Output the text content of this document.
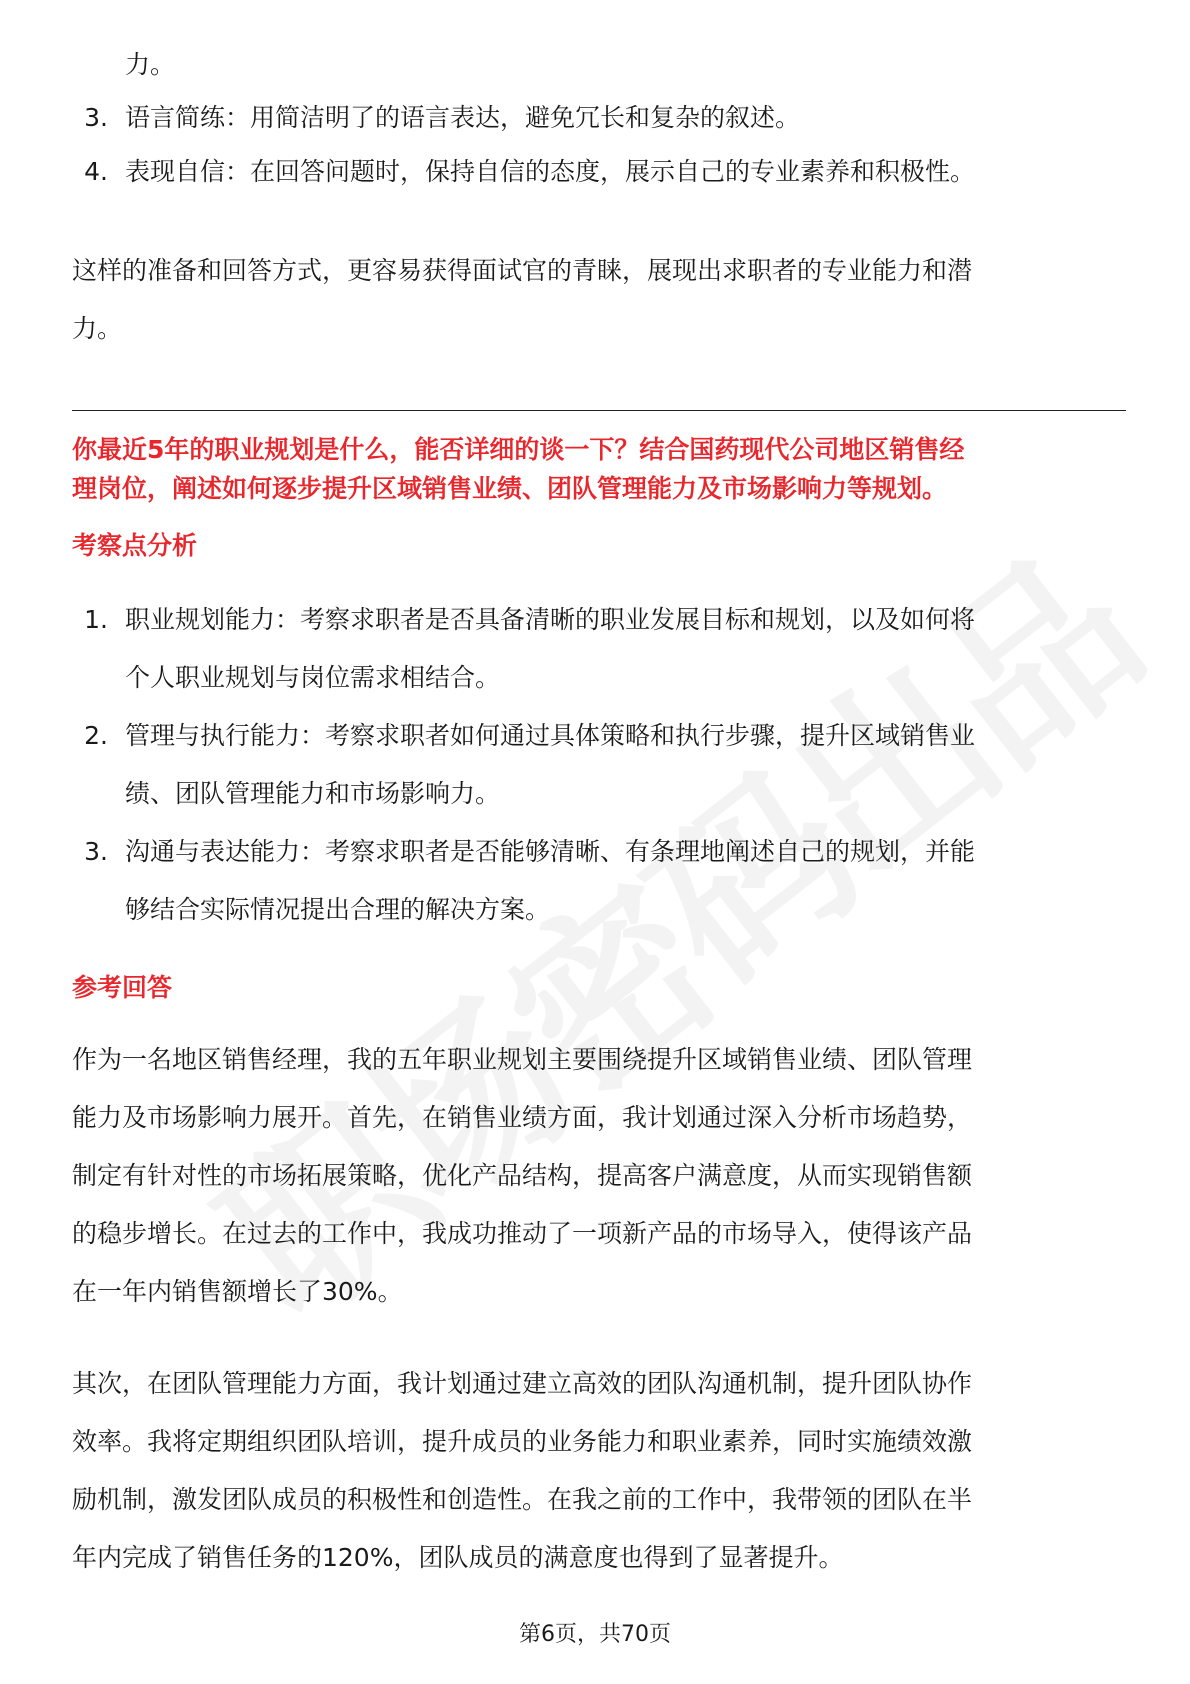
力。
3. 语言简练：用简洁明了的语言表达，避免冗长和复杂的叙述。
4. 表现自信：在回答问题时，保持自信的态度，展示自己的专业素养和积极性。
这样的准备和回答方式，更容易获得面试官的青睐，展现出求职者的专业能力和潜
力。
你最近5年的职业规划是什么，能否详细的谈一下？结合国药现代公司地区销售经
理岗位，阐述如何逐步提升区域销售业绩、团队管理能力及市场影响力等规划。
考察点分析
1. 职业规划能力：考察求职者是否具备清晰的职业发展目标和规划，以及如何将
个人职业规划与岗位需求相结合。
2. 管理与执行能力：考察求职者如何通过具体策略和执行步骤，提升区域销售业
绩、团队管理能力和市场影响力。
3. 沟通与表达能力：考察求职者是否能够清晰、有条理地阐述自己的规划，并能
够结合实际情况提出合理的解决方案。
参考回答
作为一名地区销售经理，我的五年职业规划主要围绕提升区域销售业绩、团队管理
能力及市场影响力展开。首先，在销售业绩方面，我计划通过深入分析市场趋势，
制定有针对性的市场拓展策略，优化产品结构，提高客户满意度，从而实现销售额
的稳步增长。在过去的工作中，我成功推动了一项新产品的市场导入，使得该产品
在一年内销售额增长了30%。
其次，在团队管理能力方面，我计划通过建立高效的团队沟通机制，提升团队协作
效率。我将定期组织团队培训，提升成员的业务能力和职业素养，同时实施绩效激
励机制，激发团队成员的积极性和创造性。在我之前的工作中，我带领的团队在半
年内完成了销售任务的120%，团队成员的满意度也得到了显著提升。
第6页，共70页
